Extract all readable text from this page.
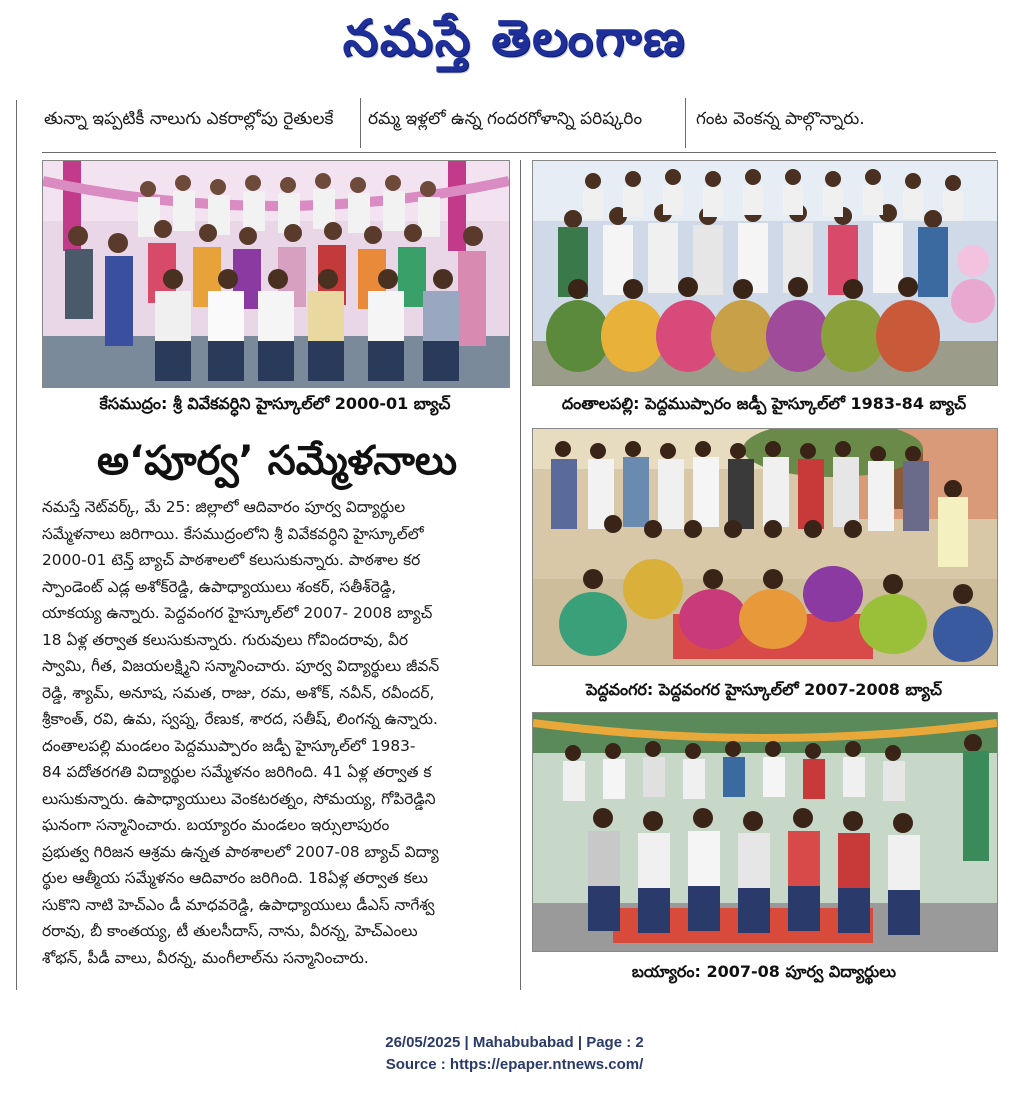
నమస్తే తెలంగాణ
తున్నా ఇప్పటికీ నాలుగు ఎకరాల్లోపు రైతులకే	రమ్మ ఇళ్లలో ఉన్న గందరగోళాన్ని పరిష్కరిం	గంట వెంకన్న పాల్గొన్నారు.
కేసముద్రం: శ్రీ వివేకవర్ధిని హైస్కూల్‌లో 2000-01 బ్యాచ్	దంతాలపల్లి: పెద్దముప్పారం జడ్పీ హైస్కూల్‌లో 1983-84 బ్యాచ్
పెద్దవంగర: పెద్దవంగర హైస్కూల్‌లో 2007-2008 బ్యాచ్
బయ్యారం: 2007-08 పూర్వ విద్యార్థులు
అ‘పూర్వ’ సమ్మేళనాలు
నమస్తే నెట్‌వర్క్, మే 25: జిల్లాలో ఆదివారం పూర్వ విద్యార్థుల
సమ్మేళనాలు జరిగాయి. కేసముద్రంలోని శ్రీ వివేకవర్ధిని హైస్కూల్‌లో
2000-01 టెన్త్ బ్యాచ్ పాఠశాలలో కలుసుకున్నారు. పాఠశాల కర
స్పాండెంట్ ఎడ్ల అశోక్‌రెడ్డి, ఉపాధ్యాయులు శంకర్, సతీశ్‌రెడ్డి,
యాకయ్య ఉన్నారు. పెద్దవంగర హైస్కూల్‌లో 2007- 2008 బ్యాచ్
18 ఏళ్ల తర్వాత కలుసుకున్నారు. గురువులు గోవిందరావు, వీర
స్వామి, గీత, విజయలక్ష్మిని సన్మానించారు. పూర్వ విద్యార్థులు జీవన్
రెడ్డి, శ్యామ్, అనూష, సమత, రాజు, రమ, అశోక్, నవీన్, రవీందర్,
శ్రీకాంత్, రవి, ఉమ, స్వప్న, రేణుక, శారద, సతీష్, లింగన్న ఉన్నారు.
దంతాలపల్లి మండలం పెద్దముప్పారం జడ్పీ హైస్కూల్‌లో 1983-
84 పదోతరగతి విద్యార్థుల సమ్మేళనం జరిగింది. 41 ఏళ్ల తర్వాత క
లుసుకున్నారు. ఉపాధ్యాయులు వెంకటరత్నం, సోమయ్య, గోపిరెడ్డిని
ఘనంగా సన్మానించారు. బయ్యారం మండలం ఇర్సులాపురం
ప్రభుత్వ గిరిజన ఆశ్రమ ఉన్నత పాఠశాలలో 2007-08 బ్యాచ్ విద్యా
ర్థుల ఆత్మీయ సమ్మేళనం ఆదివారం జరిగింది. 18ఏళ్ల తర్వాత కలు
సుకొని నాటి హెచ్‌ఎం డీ మాధవరెడ్డి, ఉపాధ్యాయులు డీఎస్ నాగేశ్వ
రరావు, బీ కాంతయ్య, టీ తులసీదాస్, నాను, వీరన్న, హెచ్‌ఎంలు
శోభన్, పీడీ వాలు, వీరన్న, మంగీలాల్‌ను సన్మానించారు.
26/05/2025 | Mahabubabad | Page : 2
Source : https://epaper.ntnews.com/
